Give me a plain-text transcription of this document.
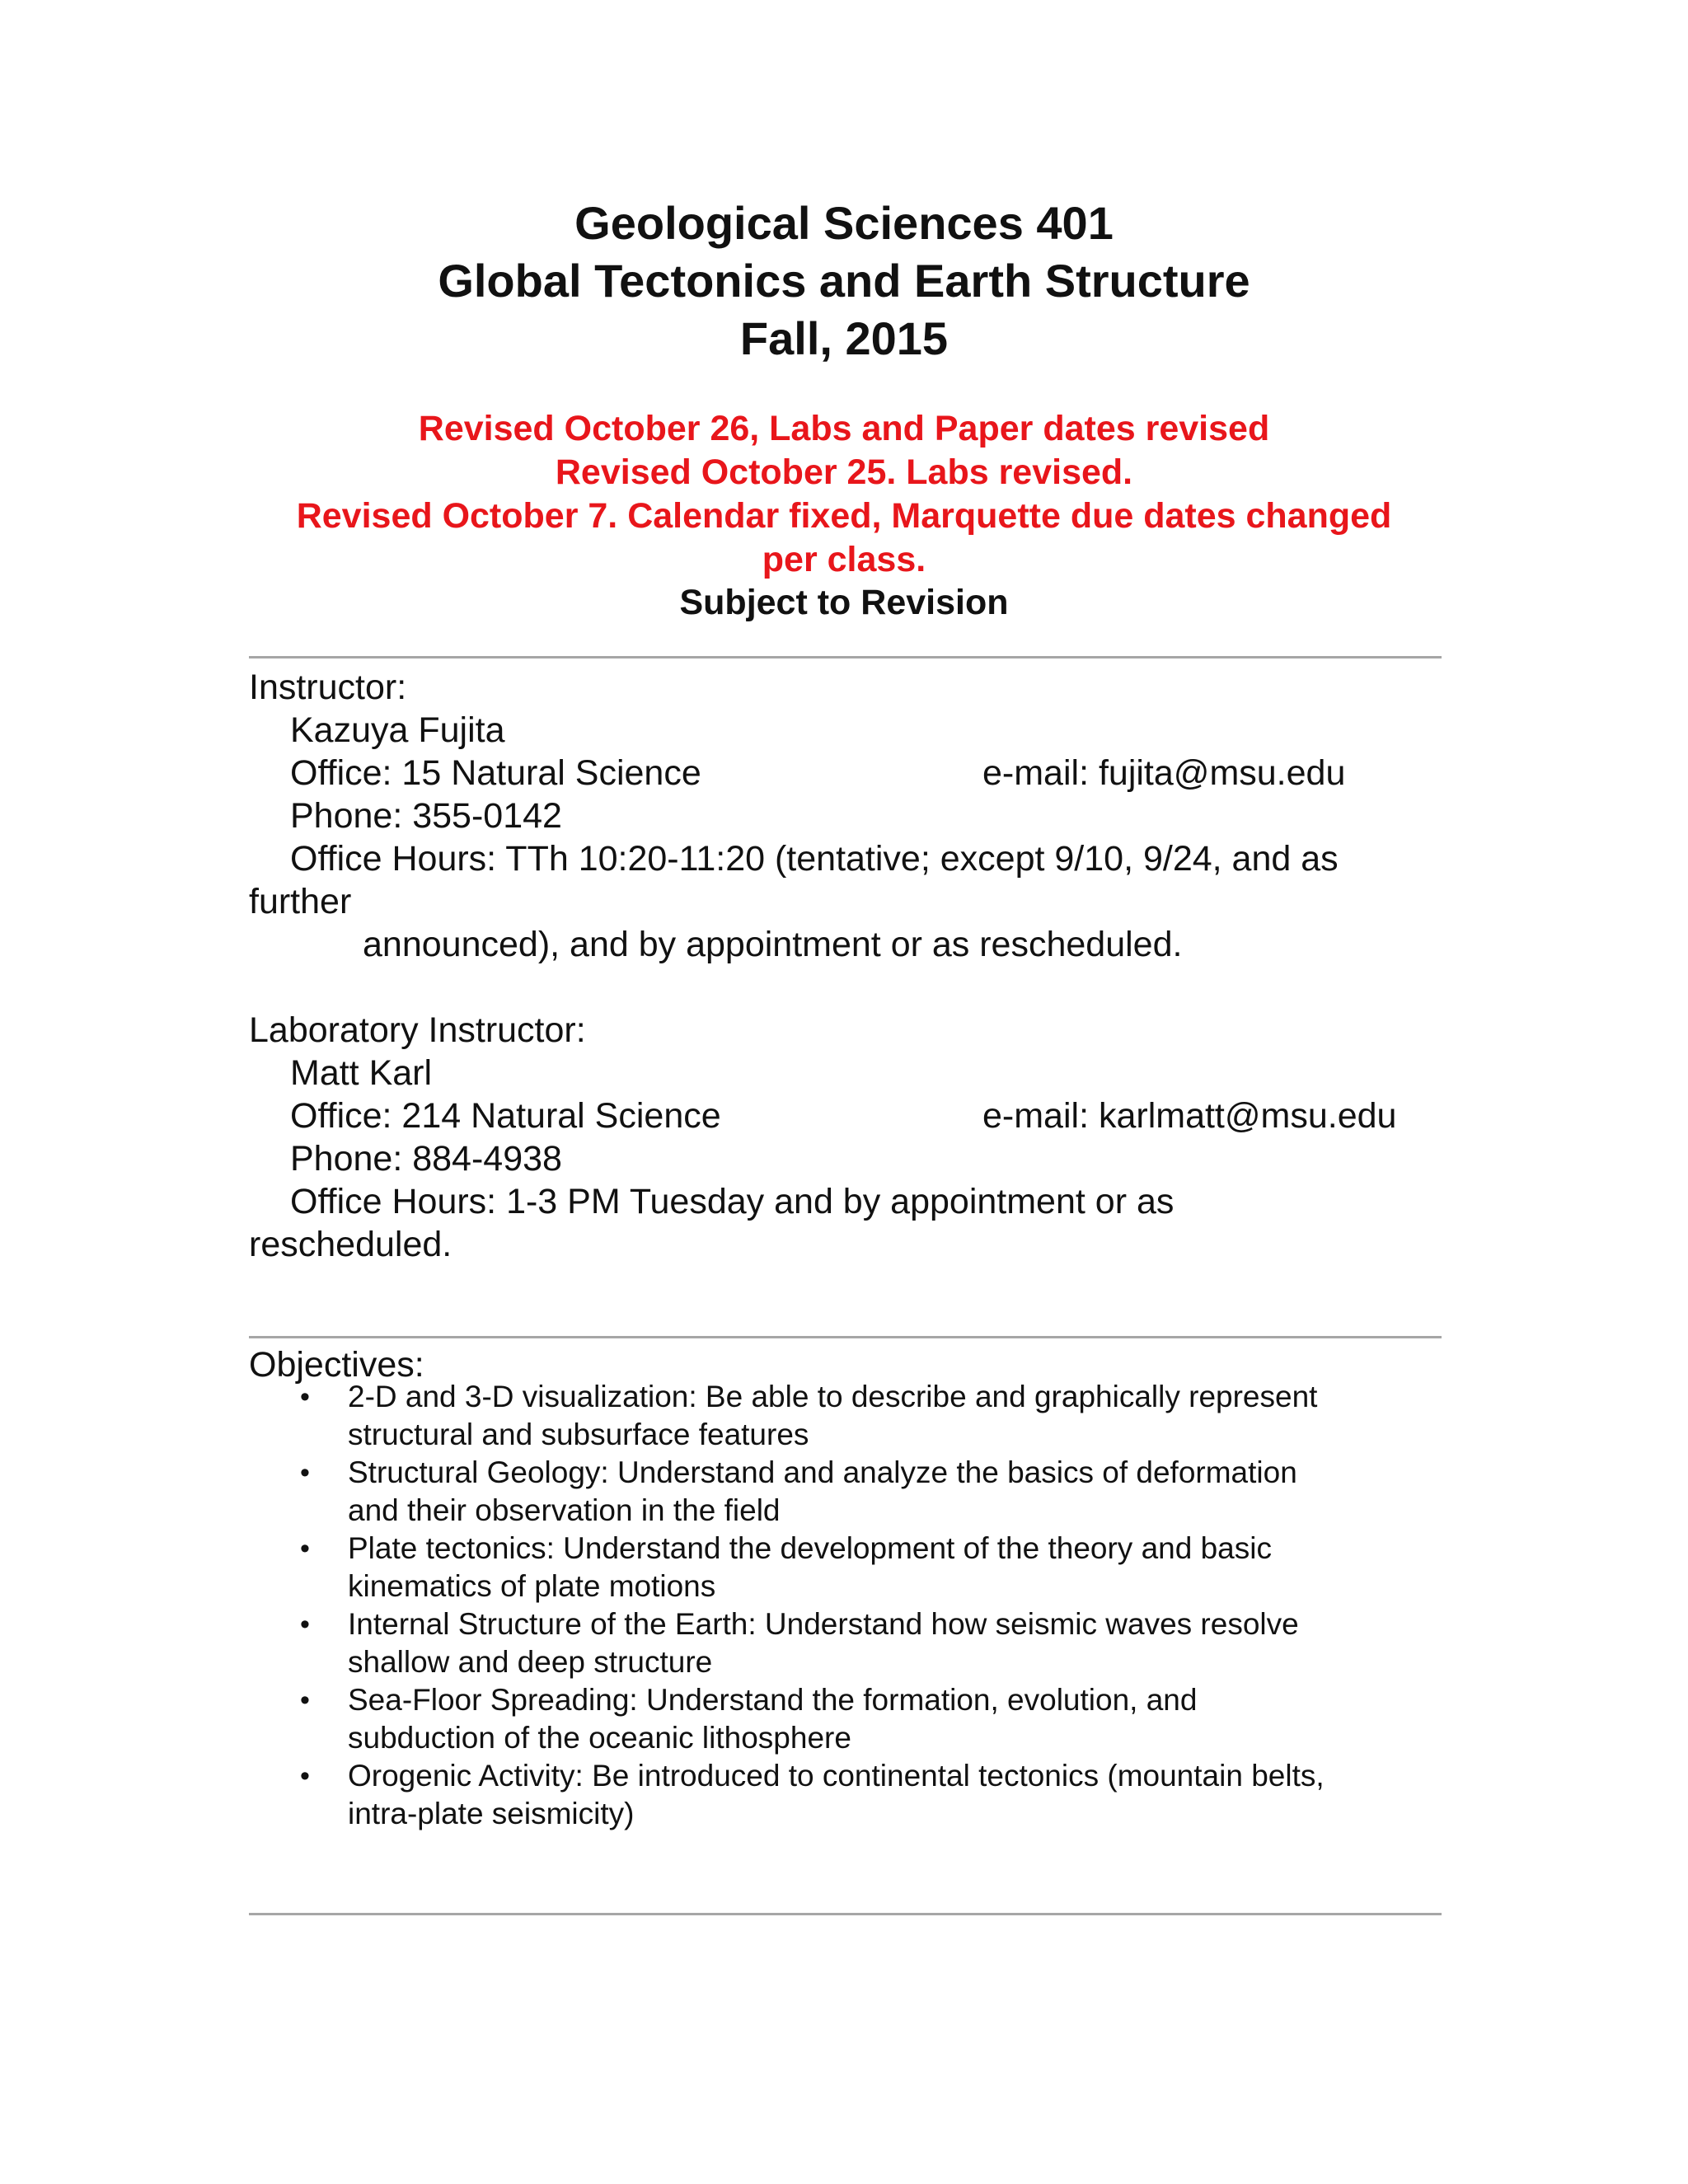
Geological Sciences 401
Global Tectonics and Earth Structure
Fall, 2015
Revised October 26, Labs and Paper dates revised
Revised October 25. Labs revised.
Revised October 7. Calendar fixed, Marquette due dates changed
per class.
Subject to Revision
Instructor:
Kazuya Fujita
Office: 15 Natural Science	e-mail: fujita@msu.edu
Phone: 355-0142
Office Hours: TTh 10:20-11:20 (tentative; except 9/10, 9/24, and as
further
announced), and by appointment or as rescheduled.
Laboratory Instructor:
Matt Karl
Office: 214 Natural Science	e-mail: karlmatt@msu.edu
Phone: 884-4938
Office Hours: 1-3 PM Tuesday and by appointment or as
rescheduled.
Objectives:
• 2-D and 3-D visualization: Be able to describe and graphically represent
structural and subsurface features
• Structural Geology: Understand and analyze the basics of deformation
and their observation in the field
• Plate tectonics: Understand the development of the theory and basic
kinematics of plate motions
• Internal Structure of the Earth: Understand how seismic waves resolve
shallow and deep structure
• Sea-Floor Spreading: Understand the formation, evolution, and
subduction of the oceanic lithosphere
• Orogenic Activity: Be introduced to continental tectonics (mountain belts,
intra-plate seismicity)
